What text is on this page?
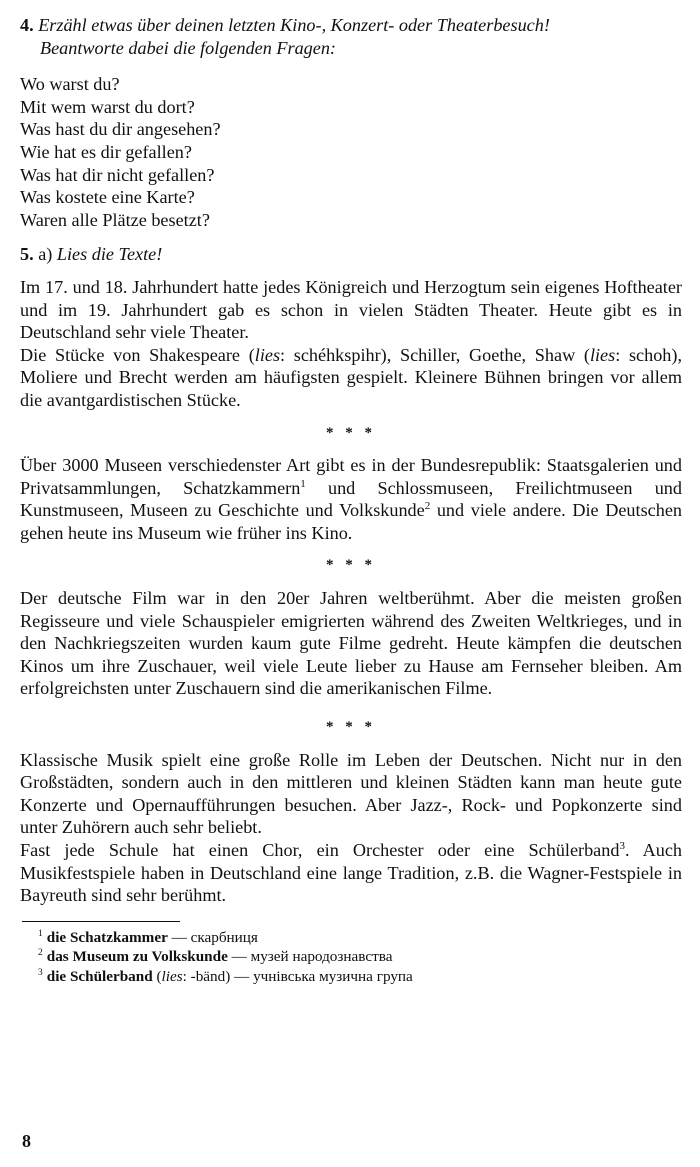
4. Erzähl etwas über deinen letzten Kino-, Konzert- oder Theaterbesuch!
Beantworte dabei die folgenden Fragen:
Wo warst du?
Mit wem warst du dort?
Was hast du dir angesehen?
Wie hat es dir gefallen?
Was hat dir nicht gefallen?
Was kostete eine Karte?
Waren alle Plätze besetzt?
5. a) Lies die Texte!

Im 17. und 18. Jahrhundert hatte jedes Königreich und Herzogtum sein eigenes Hoftheater und im 19. Jahrhundert gab es schon in vielen Städten Theater. Heute gibt es in Deutschland sehr viele Theater.

Die Stücke von Shakespeare (lies: schéhkspihr), Schiller, Goethe, Shaw (lies: schoh), Moliere und Brecht werden am häufigsten gespielt. Kleinere Bühnen bringen vor allem die avantgardistischen Stücke.

* * *

Über 3000 Museen verschiedenster Art gibt es in der Bundesrepublik: Staatsgalerien und Privatsammlungen, Schatzkammern$^1$ und Schlossmuseen, Freilichtmuseen und Kunstmuseen, Museen zu Geschichte und Volkskunde$^2$ und viele andere. Die Deutschen gehen heute ins Museum wie früher ins Kino.

* * *

Der deutsche Film war in den 20er Jahren weltberühmt. Aber die meisten großen Regisseure und viele Schauspieler emigrierten während des Zweiten Weltkrieges, und in den Nachkriegszeiten wurden kaum gute Filme gedreht. Heute kämpfen die deutschen Kinos um ihre Zuschauer, weil viele Leute lieber zu Hause am Fernseher bleiben. Am erfolgreichsten unter Zuschauern sind die amerikanischen Filme.

* * *

Klassische Musik spielt eine große Rolle im Leben der Deutschen. Nicht nur in den Großstädten, sondern auch in den mittleren und kleinen Städten kann man heute gute Konzerte und Opernaufführungen besuchen. Aber Jazz-, Rock- und Popkonzerte sind unter Zuhörern auch sehr beliebt.

Fast jede Schule hat einen Chor, ein Orchester oder eine Schülerband$^3$. Auch Musikfestspiele haben in Deutschland eine lange Tradition, z.B. die Wagner-Festspiele in Bayreuth sind sehr berühmt.

$^1$ die Schatzkammer — скарбниця
$^2$ das Museum zu Volkskunde — музей народознавства
$^3$ die Schülerband (lies: -bänd) — учнівська музична група
8
